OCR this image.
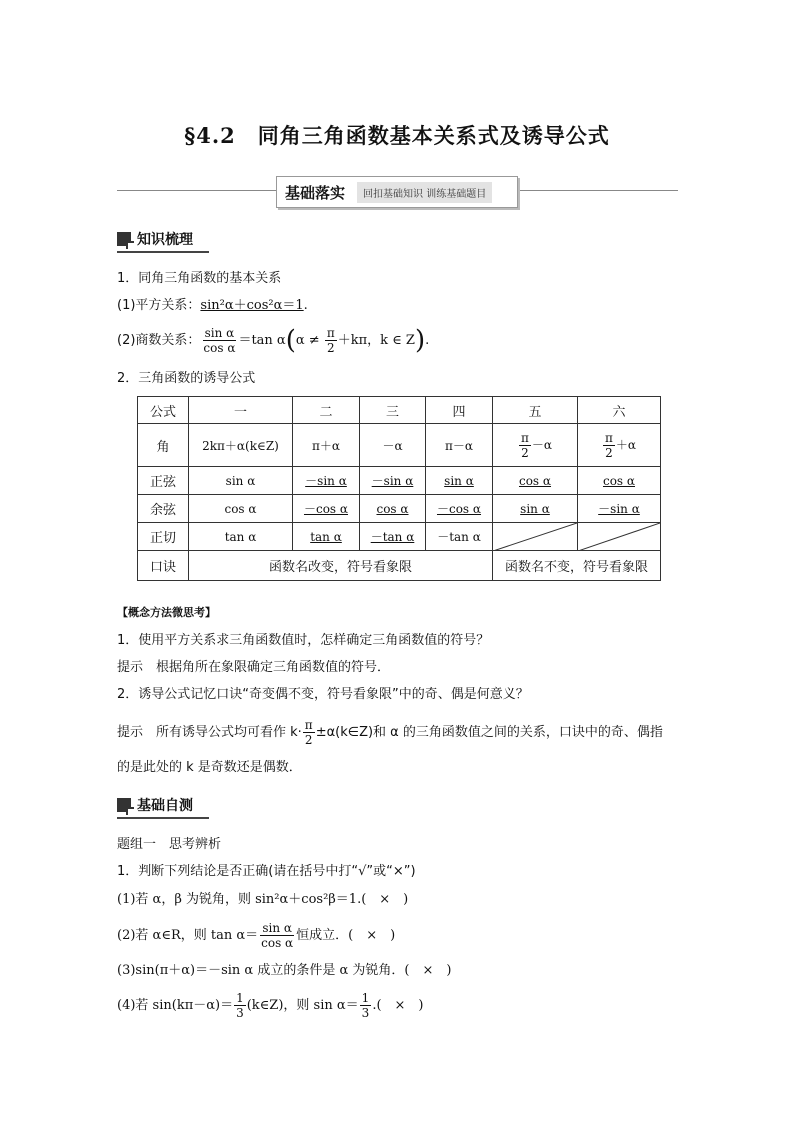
§4.2　同角三角函数基本关系式及诱导公式
基础落实	回扣基础知识 训练基础题目
知识梳理
1．同角三角函数的基本关系
(1)平方关系：sin²α＋cos²α＝1.
(2)商数关系： $\frac{\text{sin α}}{\text{cos α}} =\tan$ $\alpha(\alpha \ne \frac{\pi}{2} +k\pi$，k ∈ Z).
2．三角函数的诱导公式
公式	一	二	三	四	五	六
角	2kπ＋α(k∈Z)	π＋α	－α	π－α	$\frac{\pi}{2} -\alpha$	$\frac{\pi}{2} +\alpha$
正弦	sin α	－sin α	－sin α	sin α	cos α	cos α
余弦	cos α	－cos α	cos α	－cos α	sin α	－sin α
正切	tan α	tan α	－tan α	－tan α	

口诀	函数名改变，符号看象限				函数名不变，符号看象限	
【概念方法微思考】
1．使用平方关系求三角函数值时，怎样确定三角函数值的符号？
提示　根据角所在象限确定三角函数值的符号．
2．诱导公式记忆口诀“奇变偶不变，符号看象限”中的奇、偶是何意义？
提示　所有诱导公式均可看作 $k\cdot \frac{\pi}{2}$ ±α(k∈Z)和 α 的三角函数值之间的关系，口诀中的奇、偶指
的是此处的 k 是奇数还是偶数．
基础自测
题组一　思考辨析
1．判断下列结论是否正确(请在括号中打“√”或“×”)
(1)若 α，β 为锐角，则 sin²α＋cos²β＝1.(　×　)
(2)若 α∈R，则 $\tan \alpha= \frac{\text{sin α}}{\text{cos α}}$ 恒成立．(　×　)
(3)sin(π＋α)＝－sin α 成立的条件是 α 为锐角．(　×　)
(4)若 $\sin(k\pi-\alpha)= \frac{1}{3}$ (k∈Z)，则 $\sin \alpha= \frac{1}{3}$ .(　×　)
